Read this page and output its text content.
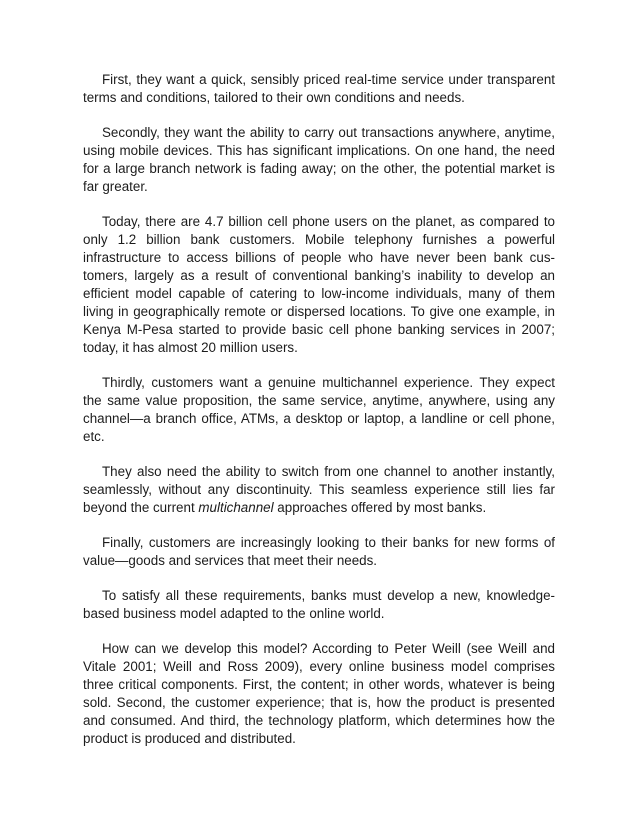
First, they want a quick, sensibly priced real-time service under transparent terms and conditions, tailored to their own conditions and needs.

Secondly, they want the ability to carry out transactions anywhere, anytime, using mobile devices. This has significant implications. On one hand, the need for a large branch network is fading away; on the other, the potential market is far greater.

Today, there are 4.7 billion cell phone users on the planet, as compared to only 1.2 billion bank customers. Mobile telephony furnishes a powerful infrastructure to access billions of people who have never been bank customers, largely as a result of conventional banking’s inability to develop an efficient model capable of catering to low-income individuals, many of them living in geographically remote or dispersed locations. To give one example, in Kenya M-Pesa started to provide basic cell phone banking services in 2007; today, it has almost 20 million users.

Thirdly, customers want a genuine multichannel experience. They expect the same value proposition, the same service, anytime, anywhere, using any channel—a branch office, ATMs, a desktop or laptop, a landline or cell phone, etc.

They also need the ability to switch from one channel to another instantly, seamlessly, without any discontinuity. This seamless experience still lies far beyond the current multichannel approaches offered by most banks.

Finally, customers are increasingly looking to their banks for new forms of value—goods and services that meet their needs.

To satisfy all these requirements, banks must develop a new, knowledge-based business model adapted to the online world.

How can we develop this model? According to Peter Weill (see Weill and Vitale 2001; Weill and Ross 2009), every online business model comprises three critical components. First, the content; in other words, whatever is being sold. Second, the customer experience; that is, how the product is presented and consumed. And third, the technology platform, which determines how the product is produced and distributed.
